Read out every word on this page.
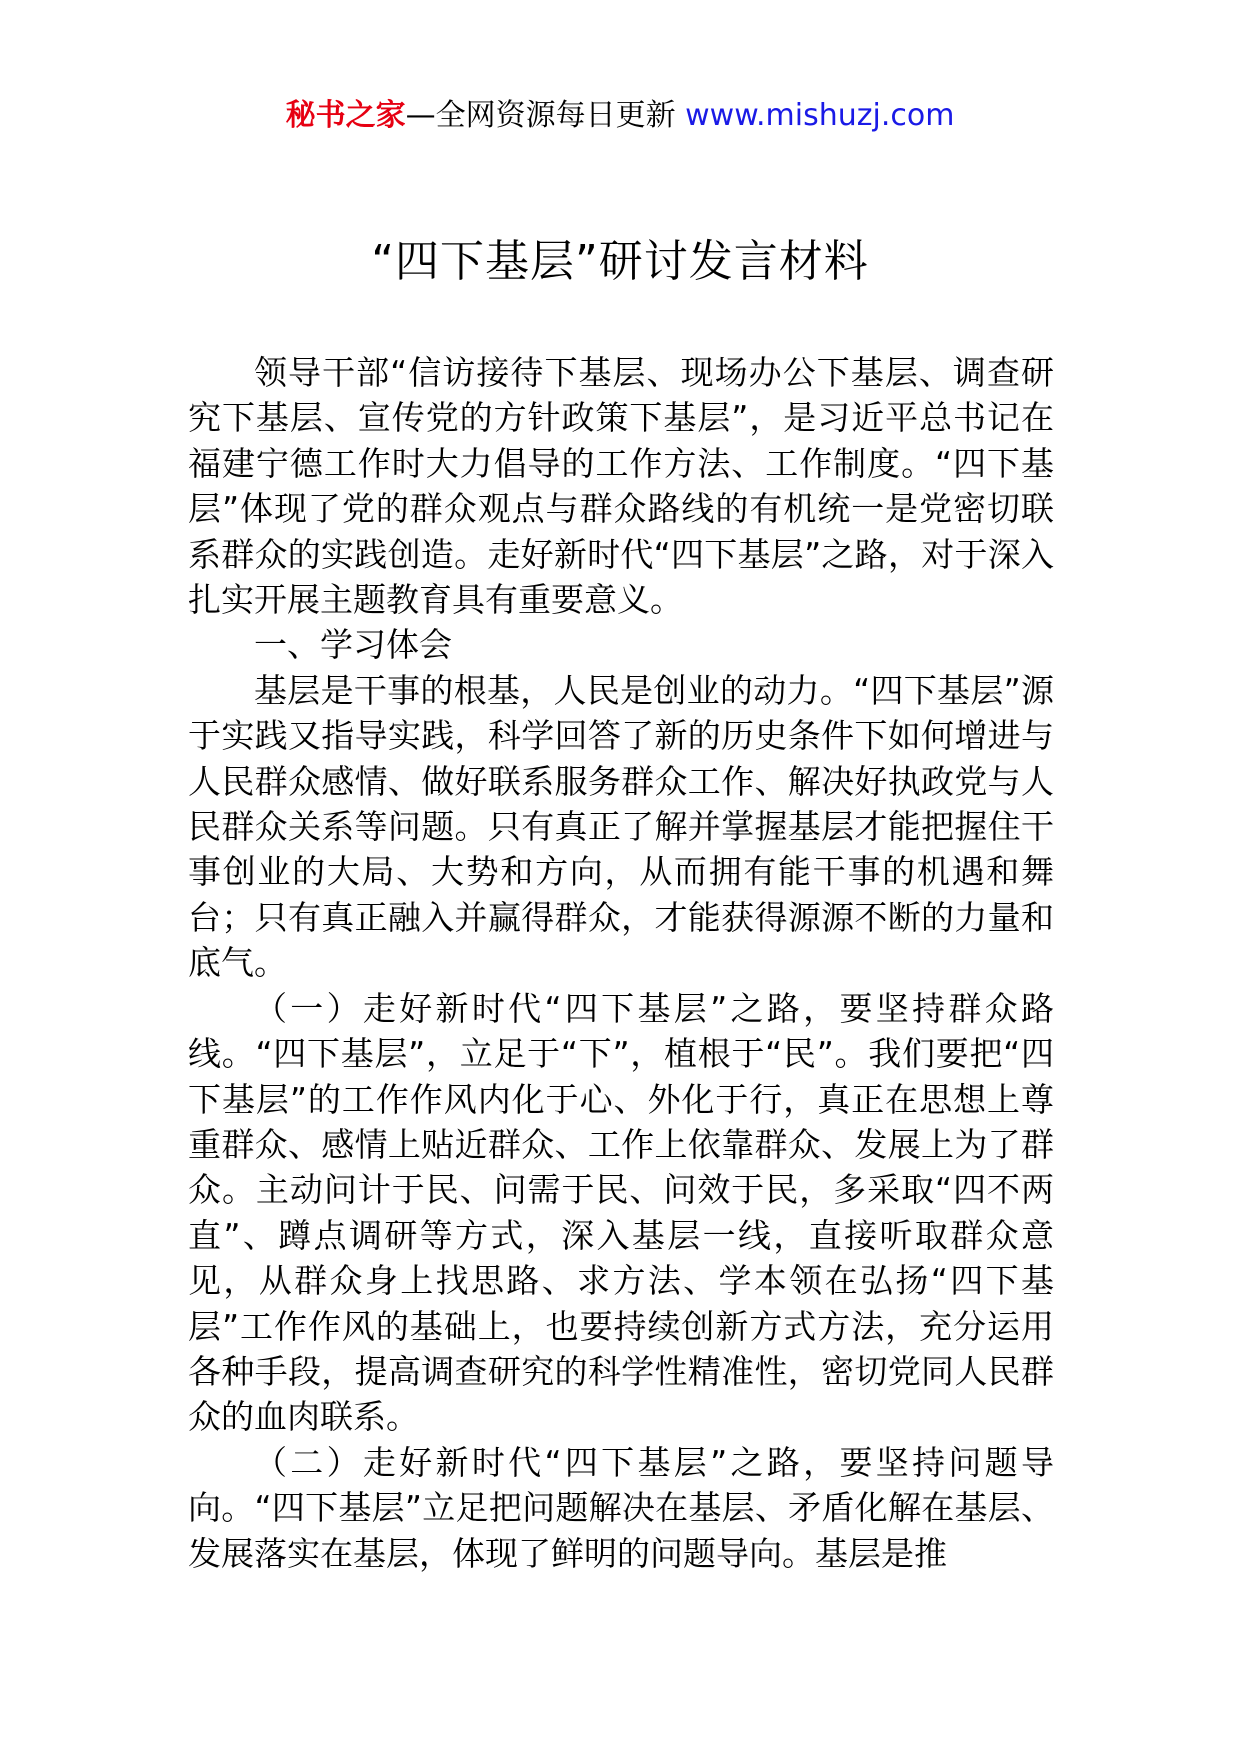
秘书之家—全网资源每日更新 www.mishuzj.com
“四下基层”研讨发言材料

领导干部“信访接待下基层、现场办公下基层、调查研究下基层、宣传党的方针政策下基层”，是习近平总书记在福建宁德工作时大力倡导的工作方法、工作制度。“四下基层”体现了党的群众观点与群众路线的有机统一是党密切联系群众的实践创造。走好新时代“四下基层”之路，对于深入扎实开展主题教育具有重要意义。

一、学习体会

基层是干事的根基，人民是创业的动力。“四下基层”源于实践又指导实践，科学回答了新的历史条件下如何增进与人民群众感情、做好联系服务群众工作、解决好执政党与人民群众关系等问题。只有真正了解并掌握基层才能把握住干事创业的大局、大势和方向，从而拥有能干事的机遇和舞台；只有真正融入并赢得群众，才能获得源源不断的力量和底气。

（一）走好新时代“四下基层”之路，要坚持群众路线。“四下基层”，立足于“下”，植根于“民”。我们要把“四下基层”的工作作风内化于心、外化于行，真正在思想上尊重群众、感情上贴近群众、工作上依靠群众、发展上为了群众。主动问计于民、问需于民、问效于民，多采取“四不两直”、蹲点调研等方式，深入基层一线，直接听取群众意见，从群众身上找思路、求方法、学本领在弘扬“四下基层”工作作风的基础上，也要持续创新方式方法，充分运用各种手段，提高调查研究的科学性精准性，密切党同人民群众的血肉联系。

（二）走好新时代“四下基层”之路，要坚持问题导向。“四下基层”立足把问题解决在基层、矛盾化解在基层、发展落实在基层，体现了鲜明的问题导向。基层是推
